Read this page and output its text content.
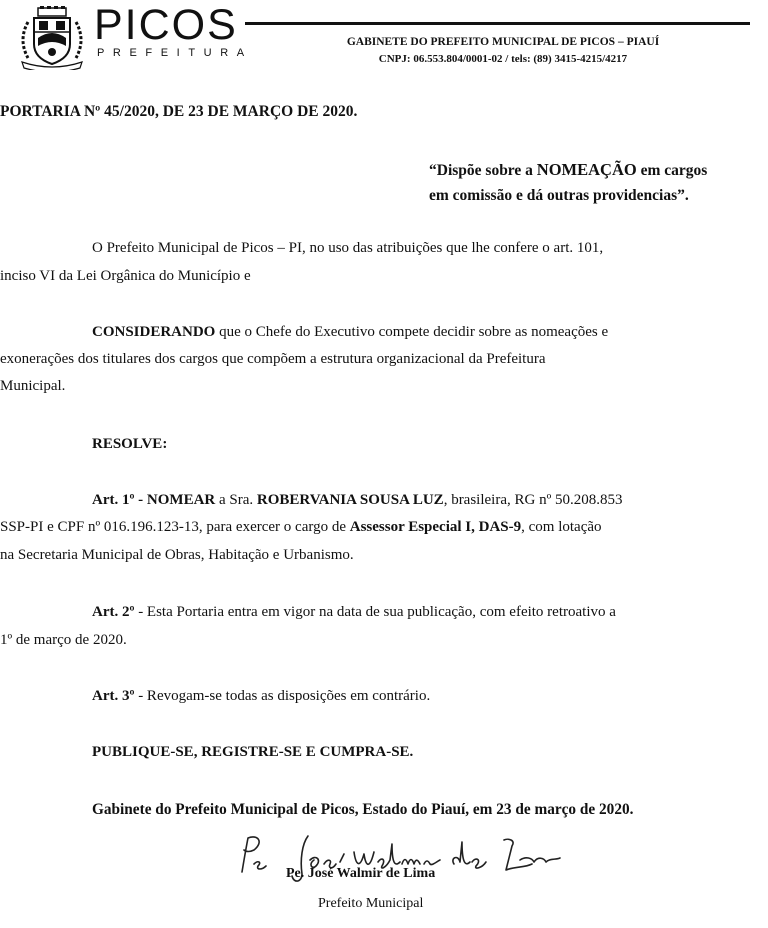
PICOS
PREFEITURA
GABINETE DO PREFEITO MUNICIPAL DE PICOS – PIAUÍ
CNPJ: 06.553.804/0001-02 / tels: (89) 3415-4215/4217
PORTARIA Nº 45/2020, DE 23 DE MARÇO DE 2020.
“Dispõe sobre a NOMEAÇÃO em cargos
em comissão e dá outras providencias”.
O Prefeito Municipal de Picos – PI, no uso das atribuições que lhe confere o art. 101,
inciso VI da Lei Orgânica do Município e
CONSIDERANDO que o Chefe do Executivo compete decidir sobre as nomeações e
exonerações dos titulares dos cargos que compõem a estrutura organizacional da Prefeitura
Municipal.
RESOLVE:
Art. 1º - NOMEAR a Sra. ROBERVANIA SOUSA LUZ, brasileira, RG nº 50.208.853
SSP-PI e CPF nº 016.196.123-13, para exercer o cargo de Assessor Especial I, DAS-9, com lotação
na Secretaria Municipal de Obras, Habitação e Urbanismo.
Art. 2º - Esta Portaria entra em vigor na data de sua publicação, com efeito retroativo a
1º de março de 2020.
Art. 3º - Revogam-se todas as disposições em contrário.
PUBLIQUE-SE, REGISTRE-SE E CUMPRA-SE.
Gabinete do Prefeito Municipal de Picos, Estado do Piauí, em 23 de março de 2020.
Pe. José Walmir de Lima
Prefeito Municipal
